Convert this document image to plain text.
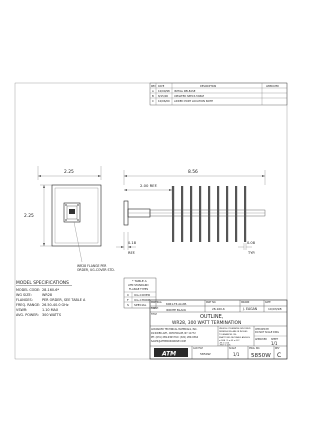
REV DATE	DESCRIPTION	APPROVED
A 10/09/98 INITIAL RELEASE
B 8/15/00 UPDATED SPECS TABLE
C 10/06/00 ADDED PORT LOCATION NOTE
2.25
2.25
WR28 FLANGE PER
ORDER, UG-COVER STD.
8.56
2.00 REF.
0.18
REF.
0.08
TYP.
MODEL SPECIFICATIONS
MODEL CODE: 28-160-6*
WG SIZE:	WR28
FLANGES:	PER ORDER, SEE TABLE A
FREQ. RANGE: 26.50-40.0 GHz
VSWR:	1.10 MAX
AVG. POWER: 300 WATTS
* TABLE A
ATM STANDARD
FLANGE TYPES
C UG-COVER
F UG-CHOKE
S SPECIAL
MATERIAL 6061-T6 ALUM.
FINISH	IRIDITE BLACK
PART NO.
28-160-6
DRAWN
J. EAGAN
DATE
10/03/98
TITLE	OUTLINE,
WR28, 300 WATT TERMINATION
ADVANCED TECHNICAL MATERIALS, INC.
49 RIDER AVE., PATCHOGUE, NY 11772
PH: (631) 289-0363 FAX: (631) 289-0364
SALES@ATMMICROWAVE.COM
UNLESS OTHERWISE SPECIFIED
DIMENSIONS ARE IN INCHES
TOLERANCES ON:
FRACTIONS DECIMALS ANGLES
±1/64 .X ±.03 ±1/2°
.XX ±.010
.XXX ±.005
CHECKED BY
APPROVED
ATM
CAD FILE
5850W
SCALE
1/1
DWG. NO.
5850W
REV
C
DO NOT SCALE DWG
SHEET
1/1
